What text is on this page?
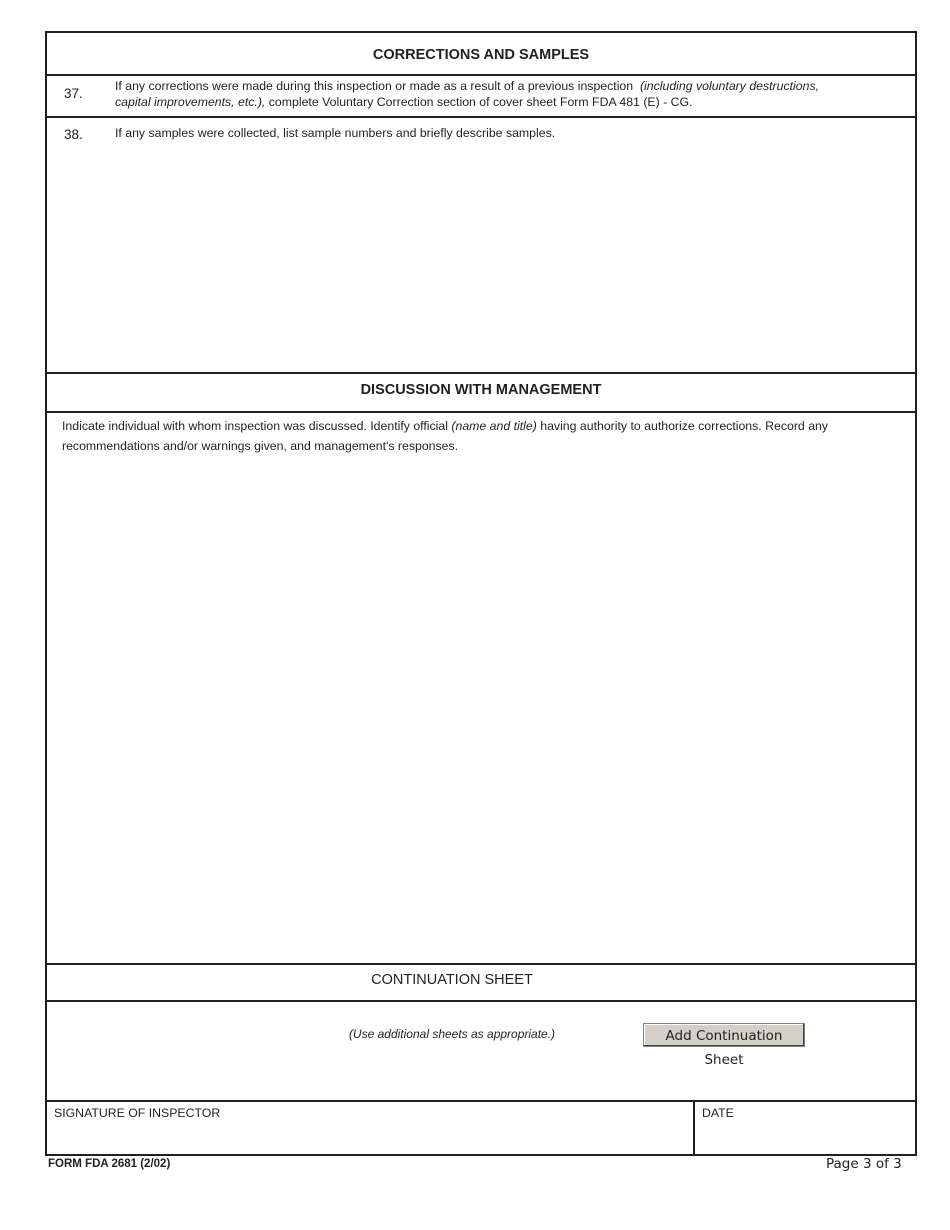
CORRECTIONS AND SAMPLES
37.	If any corrections were made during this inspection or made as a result of a previous inspection (including voluntary destructions, capital improvements, etc.), complete Voluntary Correction section of cover sheet Form FDA 481 (E) - CG.
38.	If any samples were collected, list sample numbers and briefly describe samples.
DISCUSSION WITH MANAGEMENT
Indicate individual with whom inspection was discussed. Identify official (name and title) having authority to authorize corrections. Record any recommendations and/or warnings given, and management's responses.
CONTINUATION SHEET
(Use additional sheets as appropriate.)	Add Continuation Sheet
SIGNATURE OF INSPECTOR	DATE
FORM FDA 2681 (2/02)	Page 3 of 3
